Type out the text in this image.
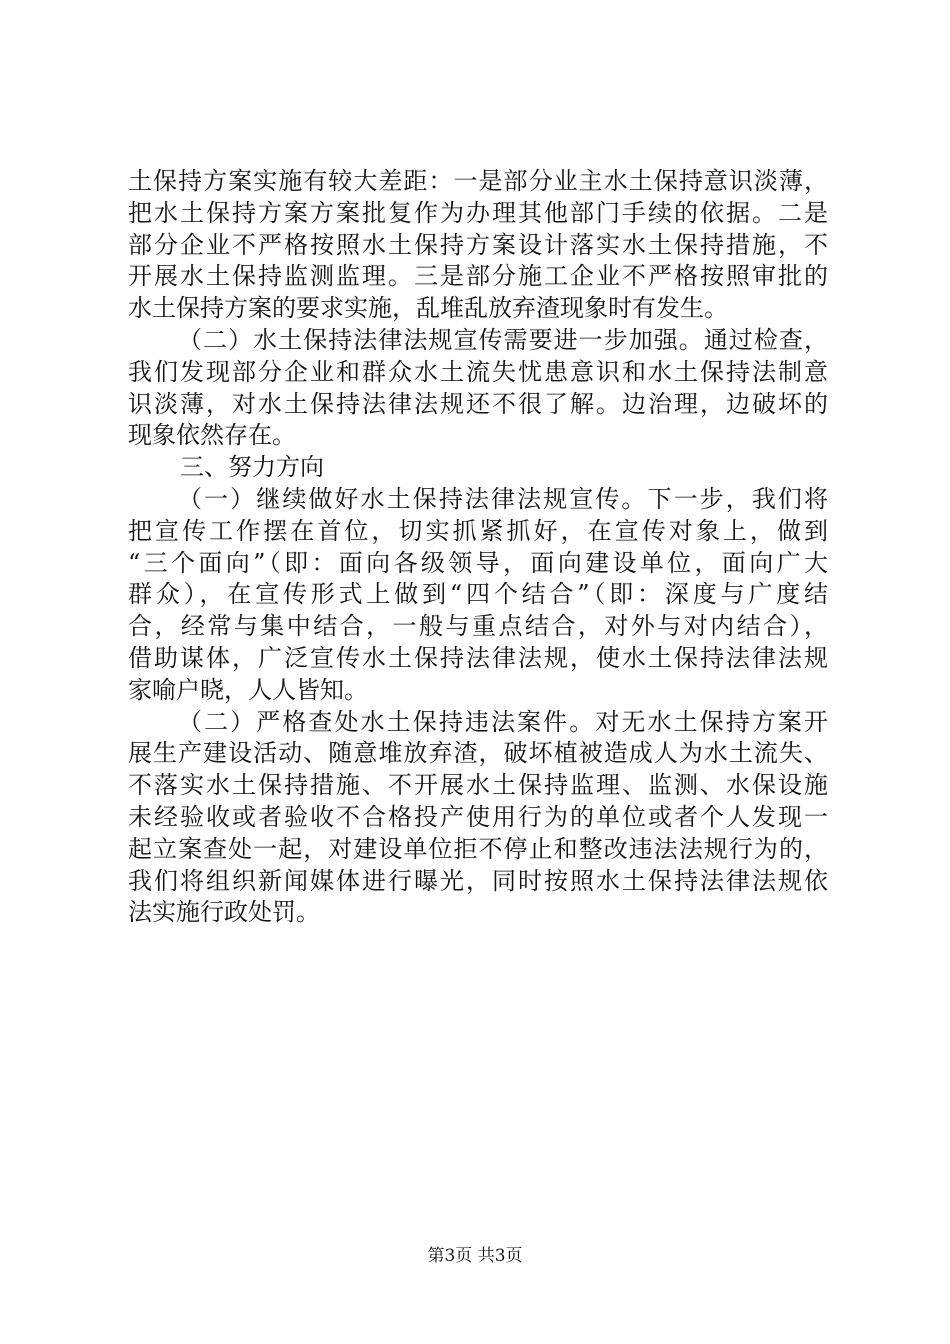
土保持方案实施有较大差距：一是部分业主水土保持意识淡薄，
把水土保持方案方案批复作为办理其他部门手续的依据。二是
部分企业不严格按照水土保持方案设计落实水土保持措施，不
开展水土保持监测监理。三是部分施工企业不严格按照审批的
水土保持方案的要求实施，乱堆乱放弃渣现象时有发生。
（二）水土保持法律法规宣传需要进一步加强。通过检查，
我们发现部分企业和群众水土流失忧患意识和水土保持法制意
识淡薄，对水土保持法律法规还不很了解。边治理，边破坏的
现象依然存在。
三、努力方向
（一）继续做好水土保持法律法规宣传。下一步，我们将
把宣传工作摆在首位，切实抓紧抓好，在宣传对象上，做到
“三个面向”（即：面向各级领导，面向建设单位，面向广大
群众），在宣传形式上做到“四个结合”（即：深度与广度结
合，经常与集中结合，一般与重点结合，对外与对内结合），
借助谋体，广泛宣传水土保持法律法规，使水土保持法律法规
家喻户晓，人人皆知。
（二）严格查处水土保持违法案件。对无水土保持方案开
展生产建设活动、随意堆放弃渣，破坏植被造成人为水土流失、
不落实水土保持措施、不开展水土保持监理、监测、水保设施
未经验收或者验收不合格投产使用行为的单位或者个人发现一
起立案查处一起，对建设单位拒不停止和整改违法法规行为的，
我们将组织新闻媒体进行曝光，同时按照水土保持法律法规依
法实施行政处罚。
第3页 共3页
